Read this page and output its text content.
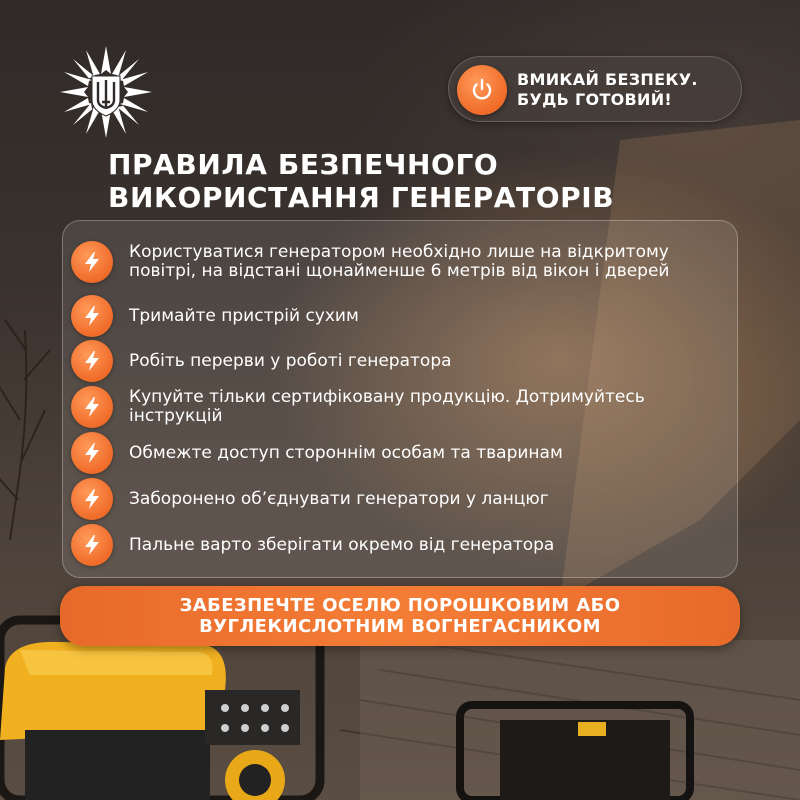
ВМИКАЙ БЕЗПЕКУ.
БУДЬ ГОТОВИЙ!
ПРАВИЛА БЕЗПЕЧНОГО
ВИКОРИСТАННЯ ГЕНЕРАТОРІВ
Користуватися генератором необхідно лише на відкритому повітрі, на відстані щонайменше 6 метрів від вікон і дверей
Тримайте пристрій сухим
Робіть перерви у роботі генератора
Купуйте тільки сертифіковану продукцію. Дотримуйтесь інструкцій
Обмежте доступ стороннім особам та тваринам
Заборонено об’єднувати генератори у ланцюг
Пальне варто зберігати окремо від генератора
ЗАБЕЗПЕЧТЕ ОСЕЛЮ ПОРОШКОВИМ АБО
ВУГЛЕКИСЛОТНИМ ВОГНЕГАСНИКОМ
